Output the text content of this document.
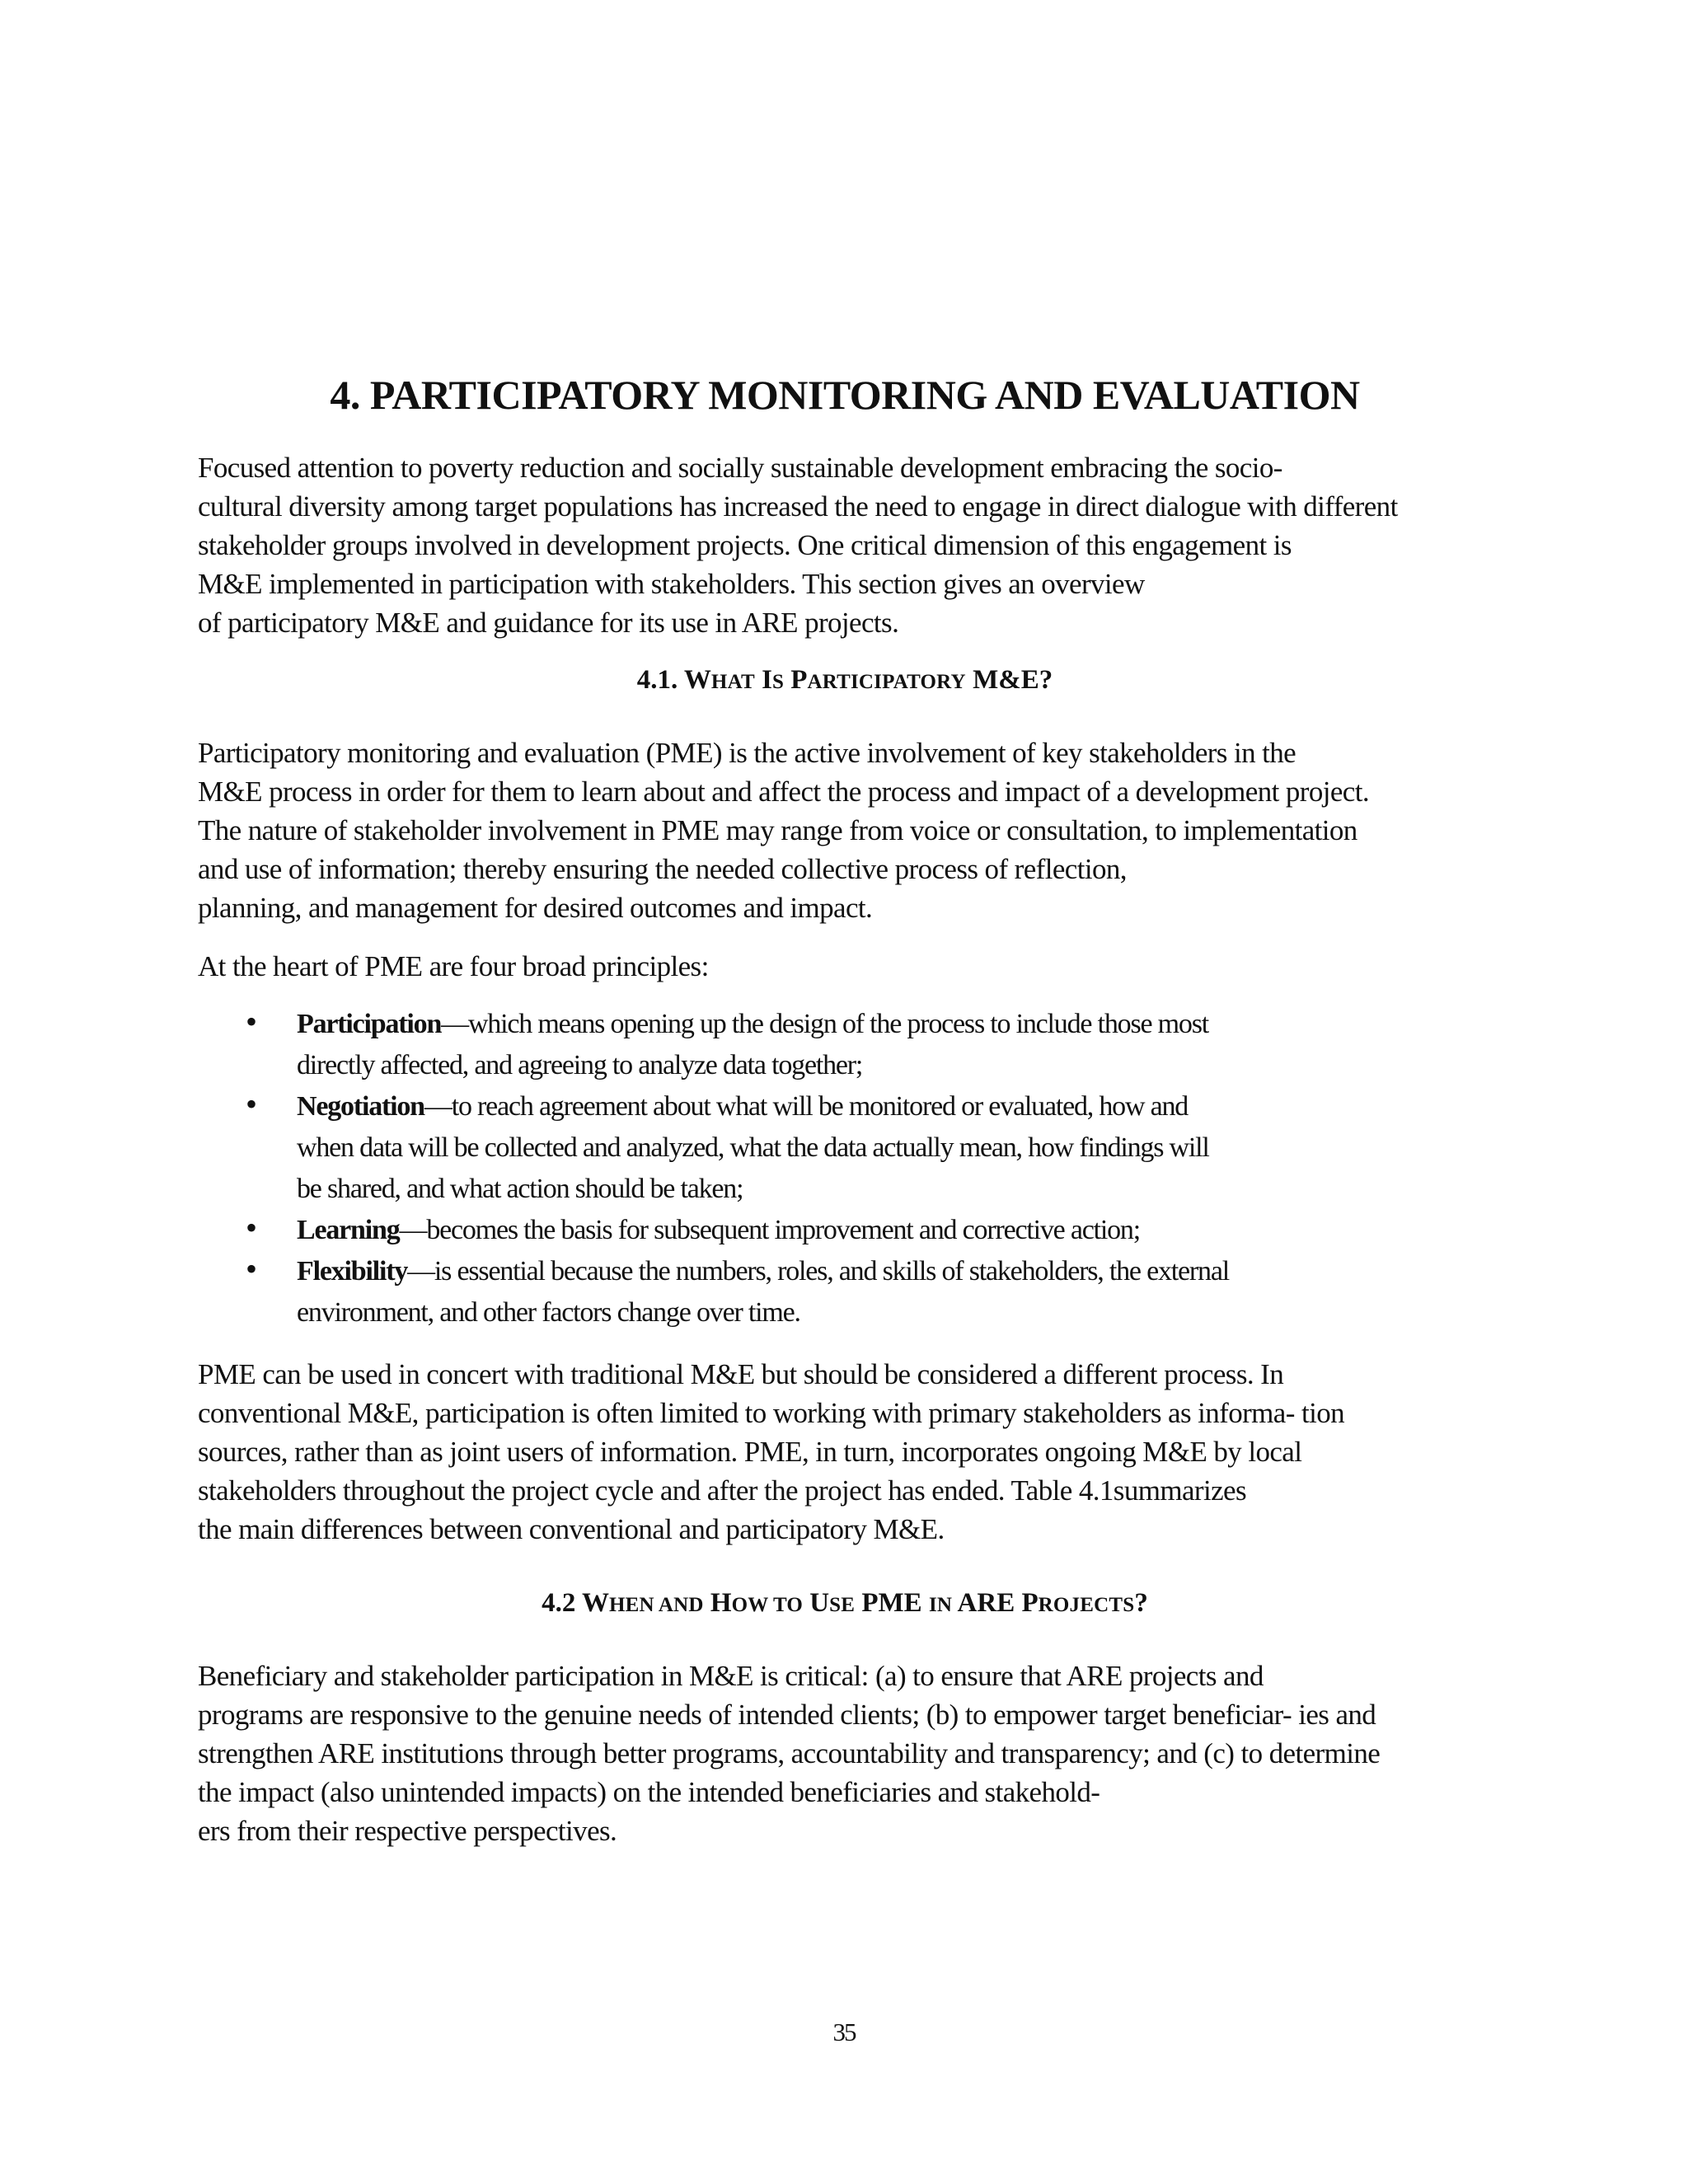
4. PARTICIPATORY MONITORING AND EVALUATION

Focused attention to poverty reduction and socially sustainable development embracing the socio-
cultural diversity among target populations has increased the need to engage in direct dialogue with different
stakeholder groups involved in development projects. One critical dimension of this engagement is
M&E implemented in participation with stakeholders. This section gives an overview
of participatory M&E and guidance for its use in ARE projects.

4.1. WHAT IS PARTICIPATORY M&E?

Participatory monitoring and evaluation (PME) is the active involvement of key stakeholders in the
M&E process in order for them to learn about and affect the process and impact of a development project.
The nature of stakeholder involvement in PME may range from voice or consultation, to implementation
and use of information; thereby ensuring the needed collective process of reflection,
planning, and management for desired outcomes and impact.

At the heart of PME are four broad principles:

• Participation—which means opening up the design of the process to include those most
directly affected, and agreeing to analyze data together;
• Negotiation—to reach agreement about what will be monitored or evaluated, how and
when data will be collected and analyzed, what the data actually mean, how findings will
be shared, and what action should be taken;
• Learning—becomes the basis for subsequent improvement and corrective action;
• Flexibility—is essential because the numbers, roles, and skills of stakeholders, the external
environment, and other factors change over time.

PME can be used in concert with traditional M&E but should be considered a different process. In
conventional M&E, participation is often limited to working with primary stakeholders as informa- tion
sources, rather than as joint users of information. PME, in turn, incorporates ongoing M&E by local
stakeholders throughout the project cycle and after the project has ended. Table 4.1summarizes
the main differences between conventional and participatory M&E.

4.2 WHEN AND HOW TO USE PME IN ARE PROJECTS?

Beneficiary and stakeholder participation in M&E is critical: (a) to ensure that ARE projects and
programs are responsive to the genuine needs of intended clients; (b) to empower target beneficiar- ies and
strengthen ARE institutions through better programs, accountability and transparency; and (c) to determine
the impact (also unintended impacts) on the intended beneficiaries and stakehold-
ers from their respective perspectives.

35
